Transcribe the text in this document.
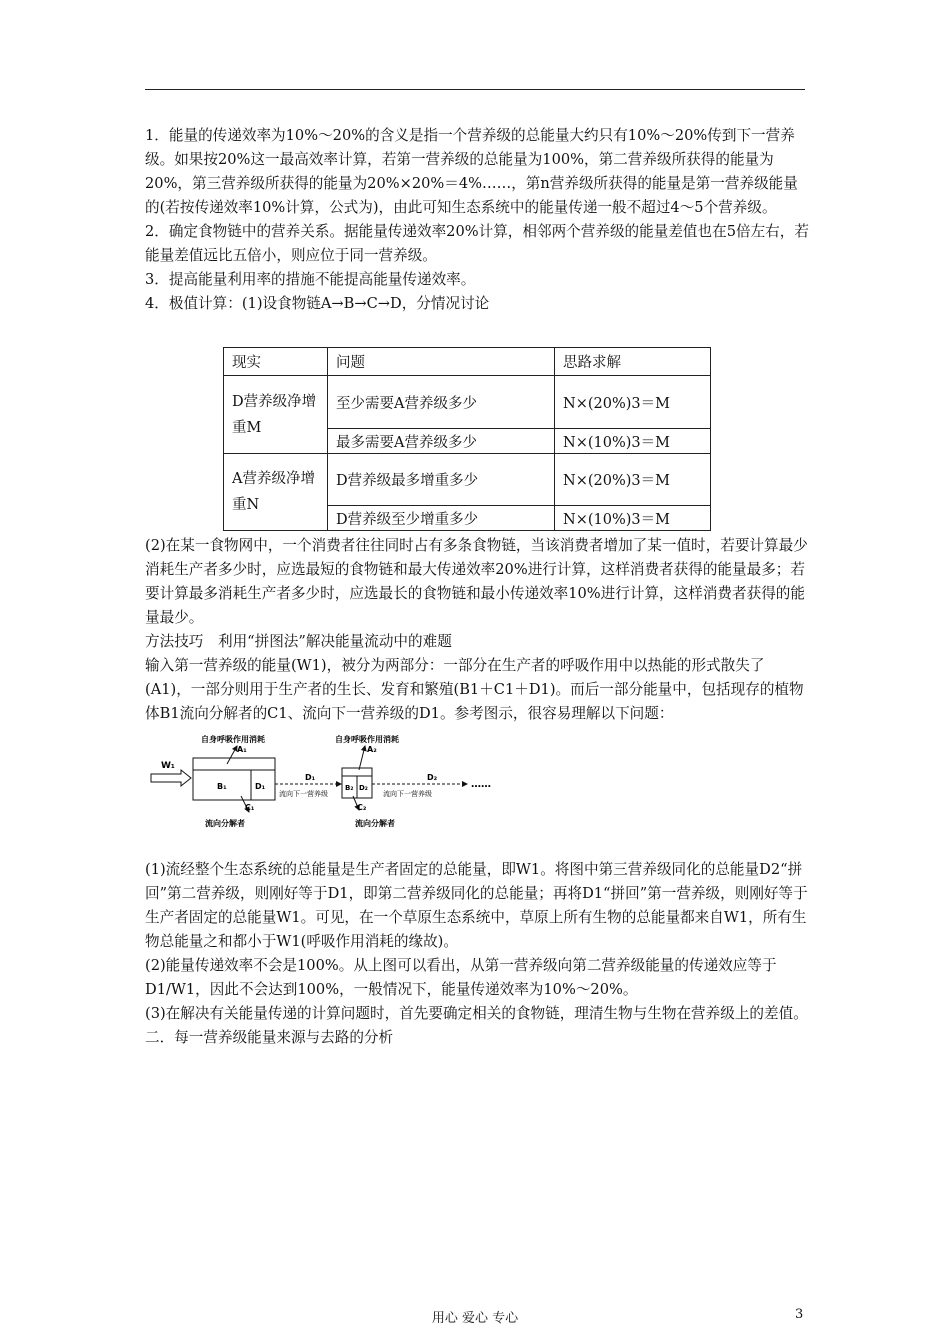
1．能量的传递效率为10%～20%的含义是指一个营养级的总能量大约只有10%～20%传到下一营养级。如果按20%这一最高效率计算，若第一营养级的总能量为100%，第二营养级所获得的能量为20%，第三营养级所获得的能量为20%×20%＝4%……，第n营养级所获得的能量是第一营养级能量的(若按传递效率10%计算，公式为)，由此可知生态系统中的能量传递一般不超过4～5个营养级。

2．确定食物链中的营养关系。据能量传递效率20%计算，相邻两个营养级的能量差值也在5倍左右，若能量差值远比五倍小，则应位于同一营养级。

3．提高能量利用率的措施不能提高能量传递效率。

4．极值计算：(1)设食物链A→B→C→D，分情况讨论

现实	问题	思路求解
D营养级净增重M	至少需要A营养级多少	N×(20%)3＝M
	最多需要A营养级多少	N×(10%)3＝M
A营养级净增重N	D营养级最多增重多少	N×(20%)3＝M
	D营养级至少增重多少	N×(10%)3＝M

(2)在某一食物网中，一个消费者往往同时占有多条食物链，当该消费者增加了某一值时，若要计算最少消耗生产者多少时，应选最短的食物链和最大传递效率20%进行计算，这样消费者获得的能量最多；若要计算最多消耗生产者多少时，应选最长的食物链和最小传递效率10%进行计算，这样消费者获得的能量最少。

方法技巧　利用“拼图法”解决能量流动中的难题

输入第一营养级的能量(W1)，被分为两部分：一部分在生产者的呼吸作用中以热能的形式散失了(A1)，一部分则用于生产者的生长、发育和繁殖(B1＋C1＋D1)。而后一部分能量中，包括现存的植物体B1流向分解者的C1、流向下一营养级的D1。参考图示，很容易理解以下问题：

W₁
自身呼吸作用消耗
A₁
B₁	D₁
C₁
流向分解者
D₁
流向下一营养级
自身呼吸作用消耗
A₂
B₂ D₂
C₂
流向分解者
D₂
流向下一营养级
……

(1)流经整个生态系统的总能量是生产者固定的总能量，即W1。将图中第三营养级同化的总能量D2“拼回”第二营养级，则刚好等于D1，即第二营养级同化的总能量；再将D1“拼回”第一营养级，则刚好等于生产者固定的总能量W1。可见，在一个草原生态系统中，草原上所有生物的总能量都来自W1，所有生物总能量之和都小于W1(呼吸作用消耗的缘故)。

(2)能量传递效率不会是100%。从上图可以看出，从第一营养级向第二营养级能量的传递效应等于D1/W1，因此不会达到100%，一般情况下，能量传递效率为10%～20%。

(3)在解决有关能量传递的计算问题时，首先要确定相关的食物链，理清生物与生物在营养级上的差值。

二．每一营养级能量来源与去路的分析

用心 爱心 专心	3
